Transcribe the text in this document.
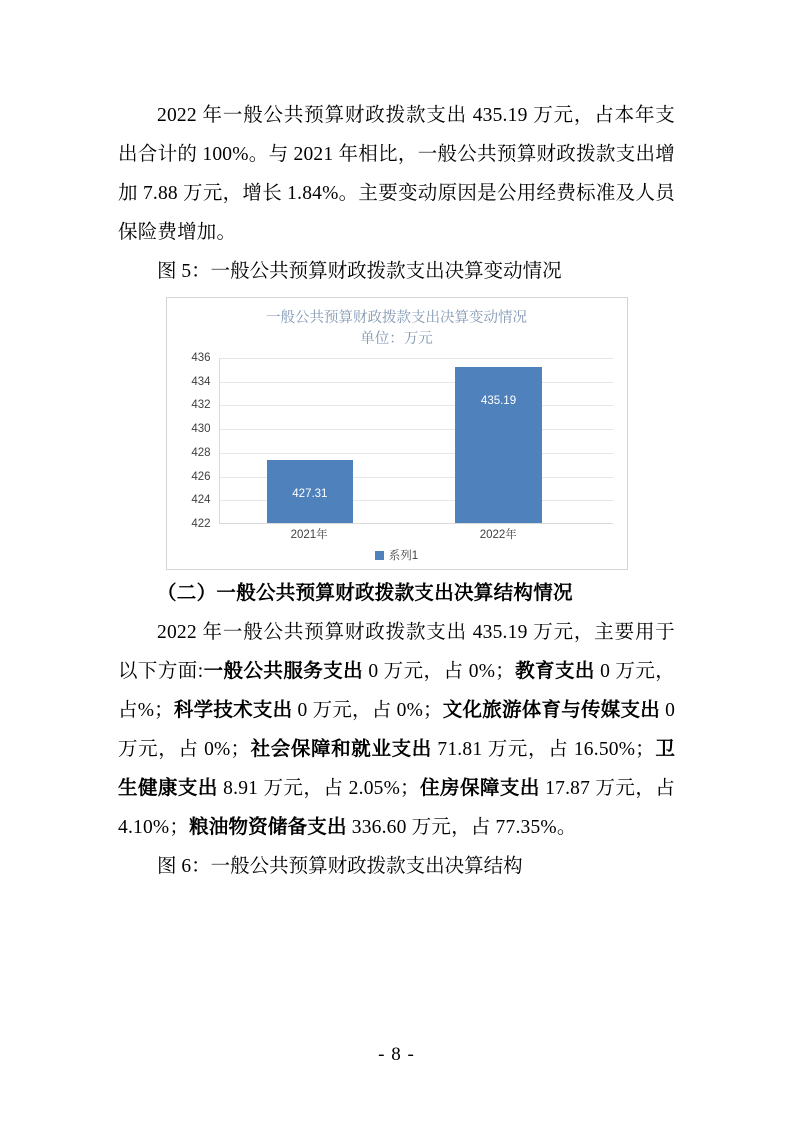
2022 年一般公共预算财政拨款支出 435.19 万元，占本年支出合计的 100%。与 2021 年相比，一般公共预算财政拨款支出增加 7.88 万元，增长 1.84%。主要变动原因是公用经费标准及人员保险费增加。

图 5：一般公共预算财政拨款支出决算变动情况

一般公共预算财政拨款支出决算变动情况
单位：万元
436
434
432
430
428
426
424
422
427.31
435.19
2021年	2022年
系列1

（二）一般公共预算财政拨款支出决算结构情况

2022 年一般公共预算财政拨款支出 435.19 万元，主要用于以下方面:一般公共服务支出 0 万元，占 0%；教育支出 0 万元，占%；科学技术支出 0 万元，占 0%；文化旅游体育与传媒支出 0 万元，占 0%；社会保障和就业支出 71.81 万元，占 16.50%；卫生健康支出 8.91 万元，占 2.05%；住房保障支出 17.87 万元，占 4.10%；粮油物资储备支出 336.60 万元，占 77.35%。

图 6：一般公共预算财政拨款支出决算结构

- 8 -
